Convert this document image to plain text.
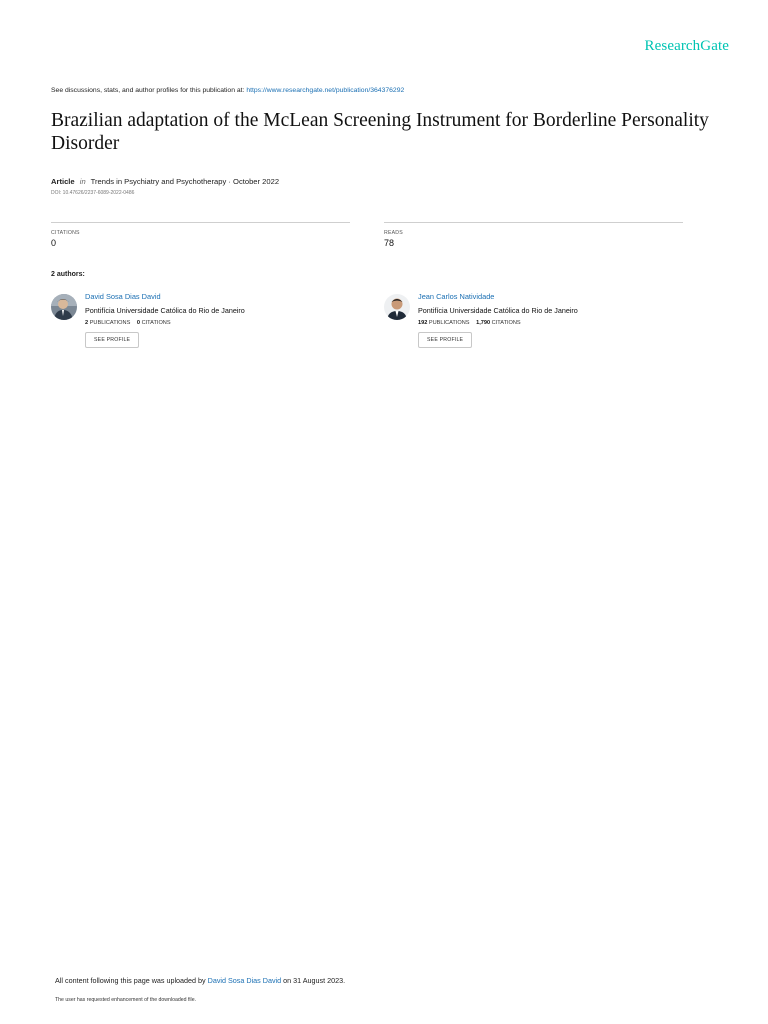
ResearchGate
See discussions, stats, and author profiles for this publication at: https://www.researchgate.net/publication/364376292
Brazilian adaptation of the McLean Screening Instrument for Borderline Personality Disorder
Article in Trends in Psychiatry and Psychotherapy · October 2022
DOI: 10.47626/2237-6089-2022-0486
CITATIONS
0
READS
78
2 authors:
David Sosa Dias David
Pontifícia Universidade Católica do Rio de Janeiro
2 PUBLICATIONS 0 CITATIONS
SEE PROFILE
Jean Carlos Natividade
Pontifícia Universidade Católica do Rio de Janeiro
192 PUBLICATIONS 1,790 CITATIONS
SEE PROFILE
All content following this page was uploaded by David Sosa Dias David on 31 August 2023.
The user has requested enhancement of the downloaded file.
